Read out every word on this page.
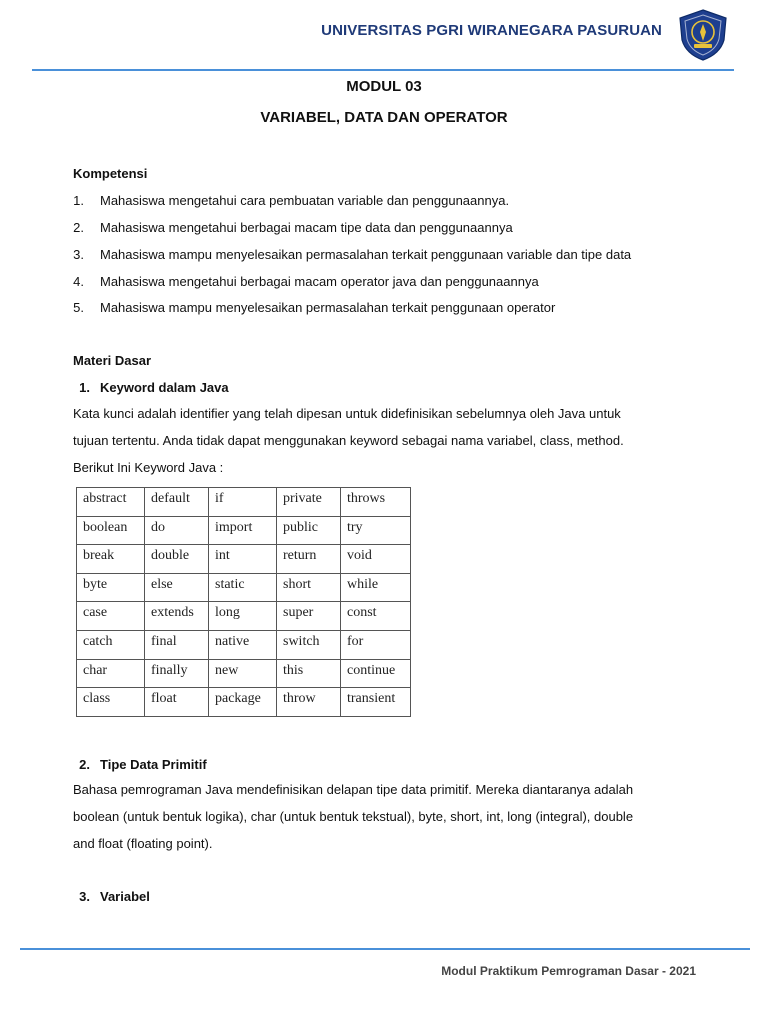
UNIVERSITAS PGRI WIRANEGARA PASURUAN
MODUL 03
VARIABEL, DATA DAN OPERATOR
Kompetensi
1. Mahasiswa mengetahui cara pembuatan variable dan penggunaannya.
2. Mahasiswa mengetahui berbagai macam tipe data dan penggunaannya
3. Mahasiswa mampu menyelesaikan permasalahan terkait penggunaan variable dan tipe data
4. Mahasiswa mengetahui berbagai macam operator java dan penggunaannya
5. Mahasiswa mampu menyelesaikan permasalahan terkait penggunaan operator
Materi Dasar
1. Keyword dalam Java
Kata kunci adalah identifier yang telah dipesan untuk didefinisikan sebelumnya oleh Java untuk
tujuan tertentu. Anda tidak dapat menggunakan keyword sebagai nama variabel, class, method.
Berikut Ini Keyword Java :
abstract	default	if	private	throws
boolean	do	import	public	try
break	double	int	return	void
byte	else	static	short	while
case	extends	long	super	const
catch	final	native	switch	for
char	finally	new	this	continue
class	float	package	throw	transient
2. Tipe Data Primitif
Bahasa pemrograman Java mendefinisikan delapan tipe data primitif. Mereka diantaranya adalah
boolean (untuk bentuk logika), char (untuk bentuk tekstual), byte, short, int, long (integral), double
and float (floating point).
3. Variabel
Modul Praktikum Pemrograman Dasar - 2021
